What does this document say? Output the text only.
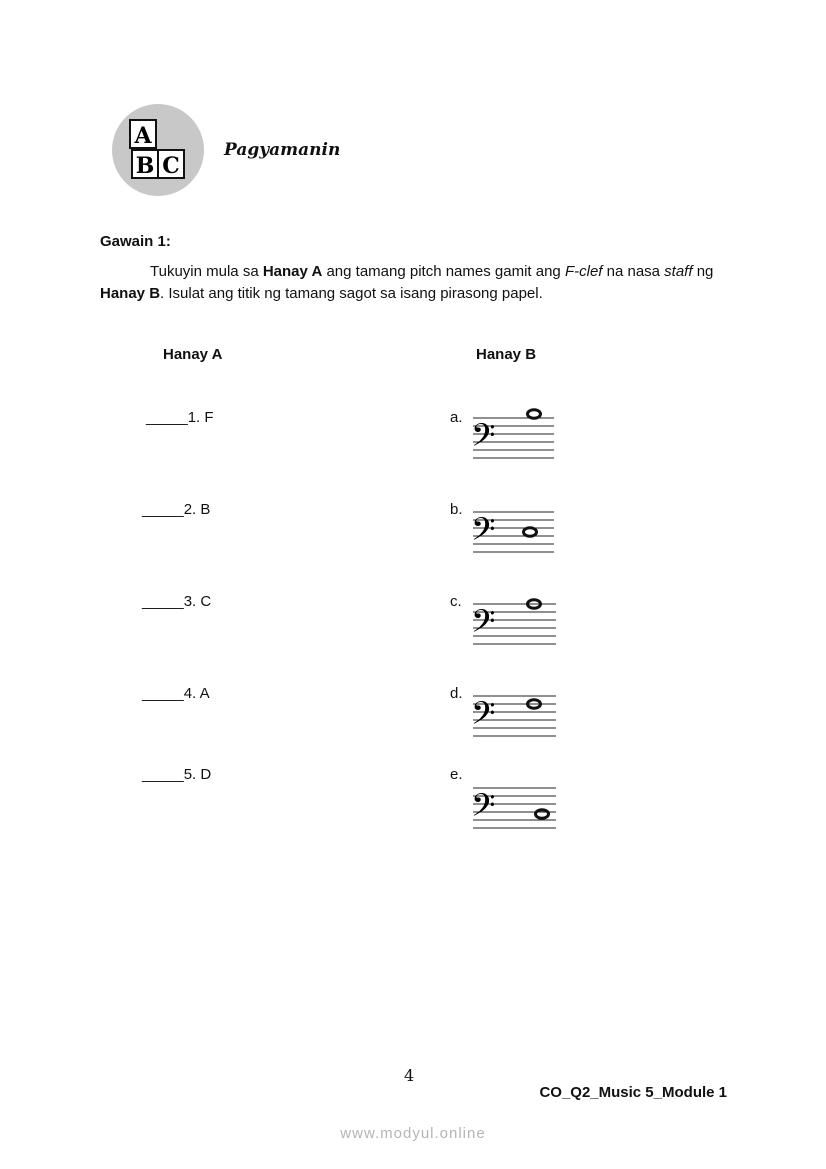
A
B C
Pagyamanin
Gawain 1:
Tukuyin mula sa Hanay A ang tamang pitch names gamit ang F-clef na nasa staff ng
Hanay B. Isulat ang titik ng tamang sagot sa isang pirasong papel.
Hanay A	Hanay B
_____1. F
_____2. B
_____3. C
_____4. A
_____5. D
a.
b.
c.
d.
e.
𝄢
𝄢
𝄢
𝄢
𝄢
4
CO_Q2_Music 5_Module 1
www.modyul.online
